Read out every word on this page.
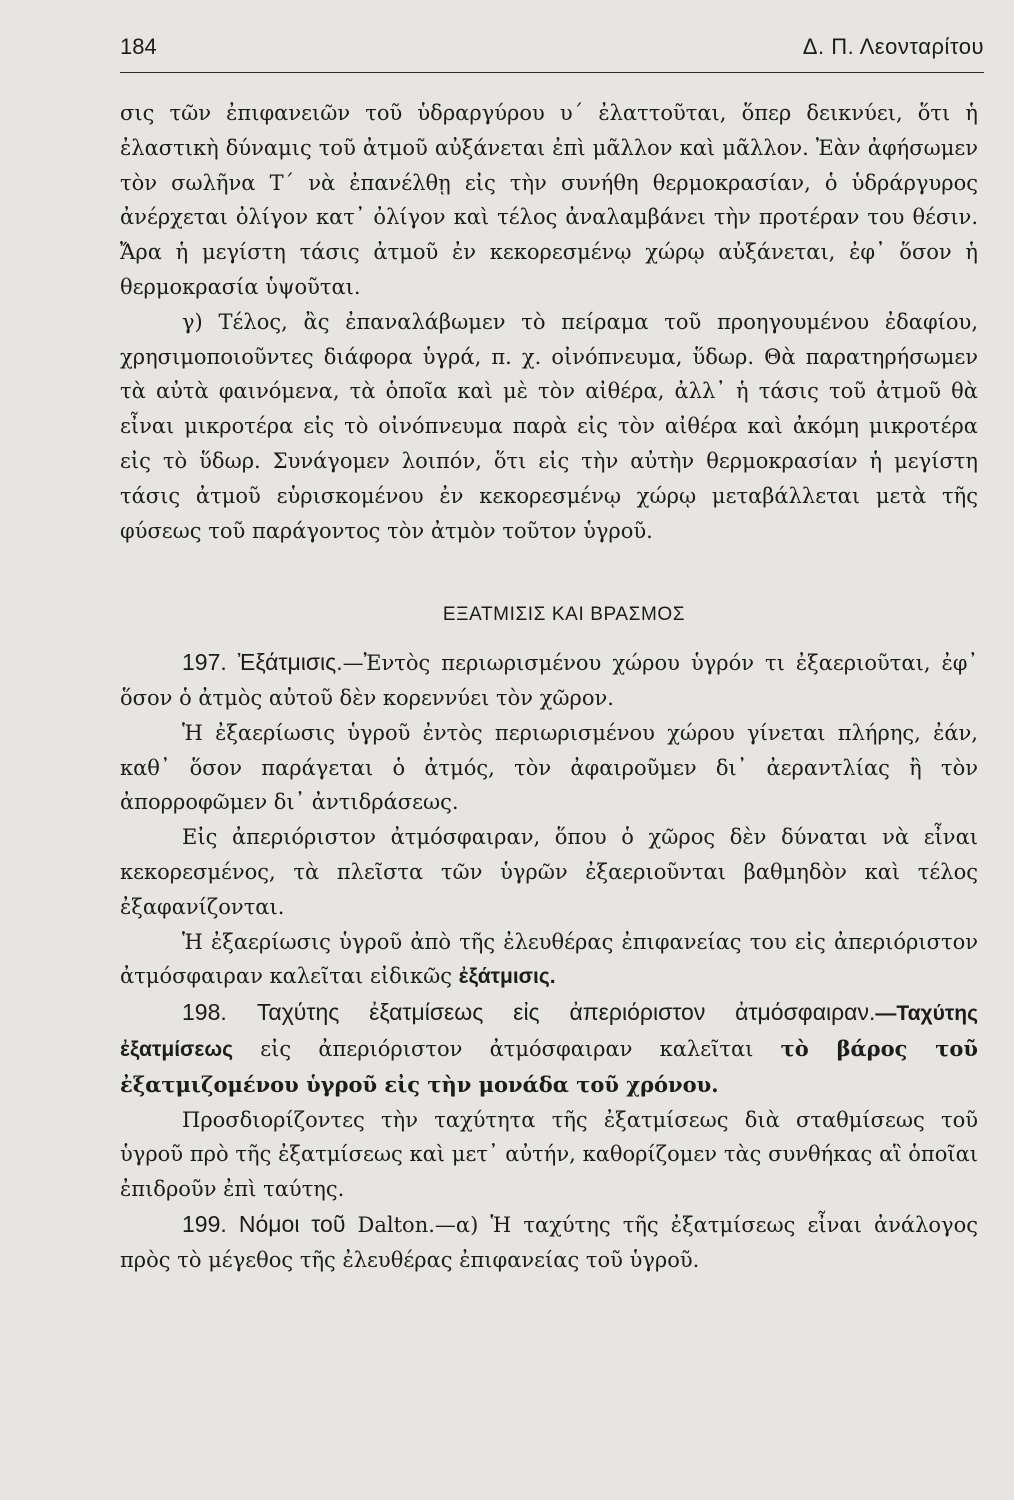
184	Δ. Π. Λεονταρίτου

σις τῶν ἐπιφανειῶν τοῦ ὑδραργύρου υ΄ ἐλαττοῦται, ὅπερ δεικνύει, ὅτι ἡ ἐλαστικὴ δύναμις τοῦ ἀτμοῦ αὐξάνεται ἐπὶ μᾶλλον καὶ μᾶλλον. Ἐὰν ἀφήσωμεν τὸν σωλῆνα Τ΄ νὰ ἐπανέλθῃ εἰς τὴν συνήθη θερμοκρασίαν, ὁ ὑδράργυρος ἀνέρχεται ὀλίγον κατ᾽ ὀλίγον καὶ τέλος ἀναλαμβάνει τὴν προτέραν του θέσιν. Ἄρα ἡ μεγίστη τάσις ἀτμοῦ ἐν κεκορεσμένῳ χώρῳ αὐξάνεται, ἐφ᾽ ὅσον ἡ θερμοκρασία ὑψοῦται.

γ) Τέλος, ἂς ἐπαναλάβωμεν τὸ πείραμα τοῦ προηγουμένου ἐδαφίου, χρησιμοποιοῦντες διάφορα ὑγρά, π. χ. οἰνόπνευμα, ὕδωρ. Θὰ παρατηρήσωμεν τὰ αὐτὰ φαινόμενα, τὰ ὁποῖα καὶ μὲ τὸν αἰθέρα, ἀλλ᾽ ἡ τάσις τοῦ ἀτμοῦ θὰ εἶναι μικροτέρα εἰς τὸ οἰνόπνευμα παρὰ εἰς τὸν αἰθέρα καὶ ἀκόμη μικροτέρα εἰς τὸ ὕδωρ. Συνάγομεν λοιπόν, ὅτι εἰς τὴν αὐτὴν θερμοκρασίαν ἡ μεγίστη τάσις ἀτμοῦ εὑρισκομένου ἐν κεκορεσμένῳ χώρῳ μεταβάλλεται μετὰ τῆς φύσεως τοῦ παράγοντος τὸν ἀτμὸν τοῦτον ὑγροῦ.

ΕΞΑΤΜΙΣΙΣ ΚΑΙ ΒΡΑΣΜΟΣ

197. Ἐξάτμισις.—Ἐντὸς περιωρισμένου χώρου ὑγρόν τι ἐξαεριοῦται, ἐφ᾽ ὅσον ὁ ἀτμὸς αὐτοῦ δὲν κορεννύει τὸν χῶρον.

Ἡ ἐξαερίωσις ὑγροῦ ἐντὸς περιωρισμένου χώρου γίνεται πλήρης, ἐάν, καθ᾽ ὅσον παράγεται ὁ ἀτμός, τὸν ἀφαιροῦμεν δι᾽ ἀεραντλίας ἢ τὸν ἀπορροφῶμεν δι᾽ ἀντιδράσεως.

Εἰς ἀπεριόριστον ἀτμόσφαιραν, ὅπου ὁ χῶρος δὲν δύναται νὰ εἶναι κεκορεσμένος, τὰ πλεῖστα τῶν ὑγρῶν ἐξαεριοῦνται βαθμηδὸν καὶ τέλος ἐξαφανίζονται.

Ἡ ἐξαερίωσις ὑγροῦ ἀπὸ τῆς ἐλευθέρας ἐπιφανείας του εἰς ἀπεριόριστον ἀτμόσφαιραν καλεῖται εἰδικῶς ἐξάτμισις.

198. Ταχύτης ἐξατμίσεως εἰς ἀπεριόριστον ἀτμόσφαιραν.—Ταχύτης ἐξατμίσεως εἰς ἀπεριόριστον ἀτμόσφαιραν καλεῖται τὸ βάρος τοῦ ἐξατμιζομένου ὑγροῦ εἰς τὴν μονάδα τοῦ χρόνου.

Προσδιορίζοντες τὴν ταχύτητα τῆς ἐξατμίσεως διὰ σταθμίσεως τοῦ ὑγροῦ πρὸ τῆς ἐξατμίσεως καὶ μετ᾽ αὐτήν, καθορίζομεν τὰς συνθήκας αἳ ὁποῖαι ἐπιδροῦν ἐπὶ ταύτης.

199. Νόμοι τοῦ Dalton.—α) Ἡ ταχύτης τῆς ἐξατμίσεως εἶναι ἀνάλογος πρὸς τὸ μέγεθος τῆς ἐλευθέρας ἐπιφανείας τοῦ ὑγροῦ.
